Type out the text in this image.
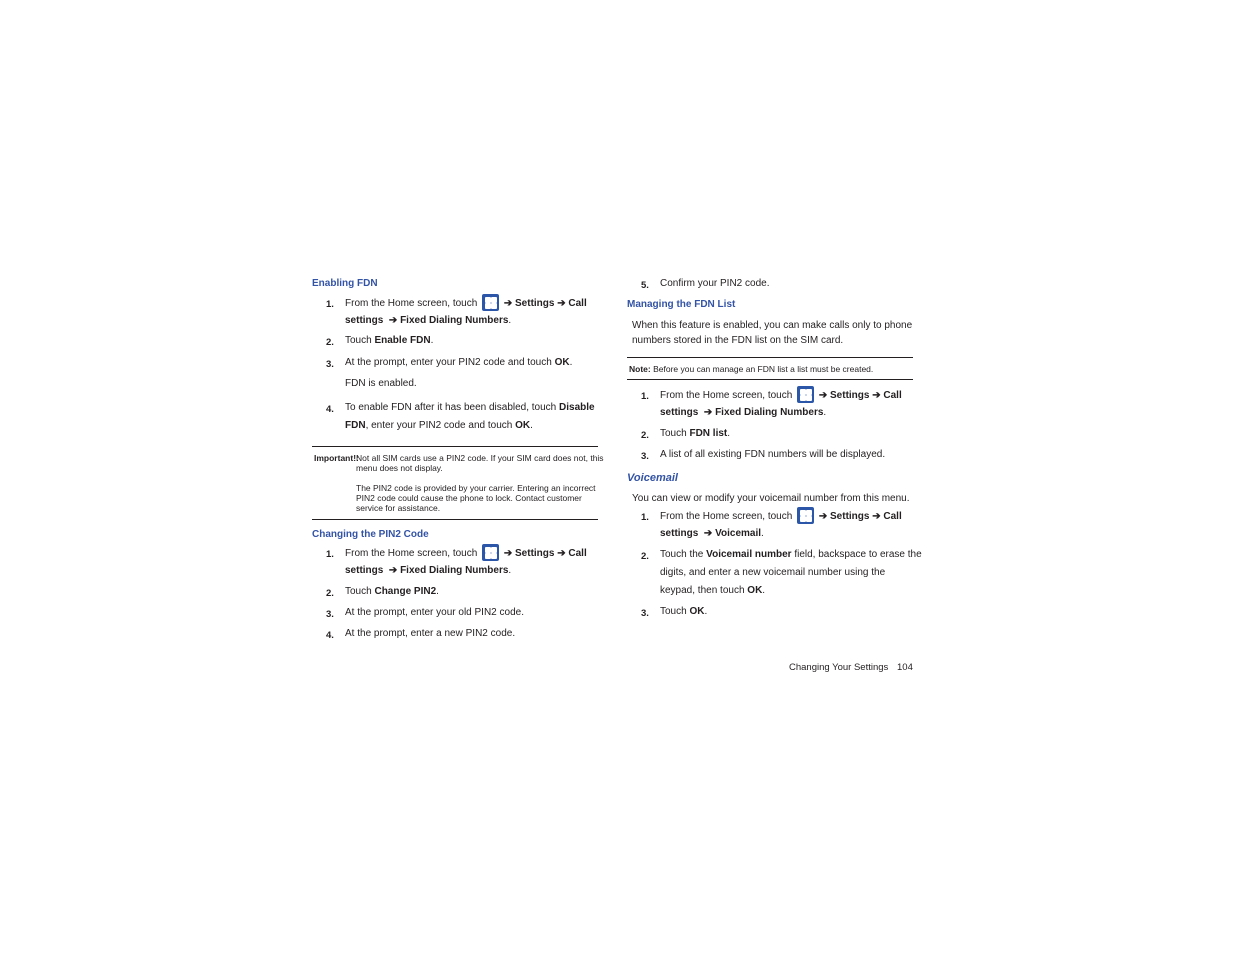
Enabling FDN
1. From the Home screen, touch	➔ Settings ➔ Call
settings ➔ Fixed Dialing Numbers.
2. Touch Enable FDN.
3. At the prompt, enter your PIN2 code and touch OK.
FDN is enabled.
4. To enable FDN after it has been disabled, touch Disable
FDN, enter your PIN2 code and touch OK.
Important!:
Not all SIM cards use a PIN2 code. If your SIM card does not, this
menu does not display.
The PIN2 code is provided by your carrier. Entering an incorrect
PIN2 code could cause the phone to lock. Contact customer
service for assistance.
Changing the PIN2 Code
1. From the Home screen, touch	➔ Settings ➔ Call
settings ➔ Fixed Dialing Numbers.
2. Touch Change PIN2.
3. At the prompt, enter your old PIN2 code.
4. At the prompt, enter a new PIN2 code.
5. Confirm your PIN2 code.
Managing the FDN List
When this feature is enabled, you can make calls only to phone
numbers stored in the FDN list on the SIM card.
Note: Before you can manage an FDN list a list must be created.
1. From the Home screen, touch	➔ Settings ➔ Call
settings ➔ Fixed Dialing Numbers.
2. Touch FDN list.
3. A list of all existing FDN numbers will be displayed.
Voicemail
You can view or modify your voicemail number from this menu.
1. From the Home screen, touch	➔ Settings ➔ Call
settings ➔ Voicemail.
2. Touch the Voicemail number field, backspace to erase the
digits, and enter a new voicemail number using the
keypad, then touch OK.
3. Touch OK.
Changing Your Settings 104
